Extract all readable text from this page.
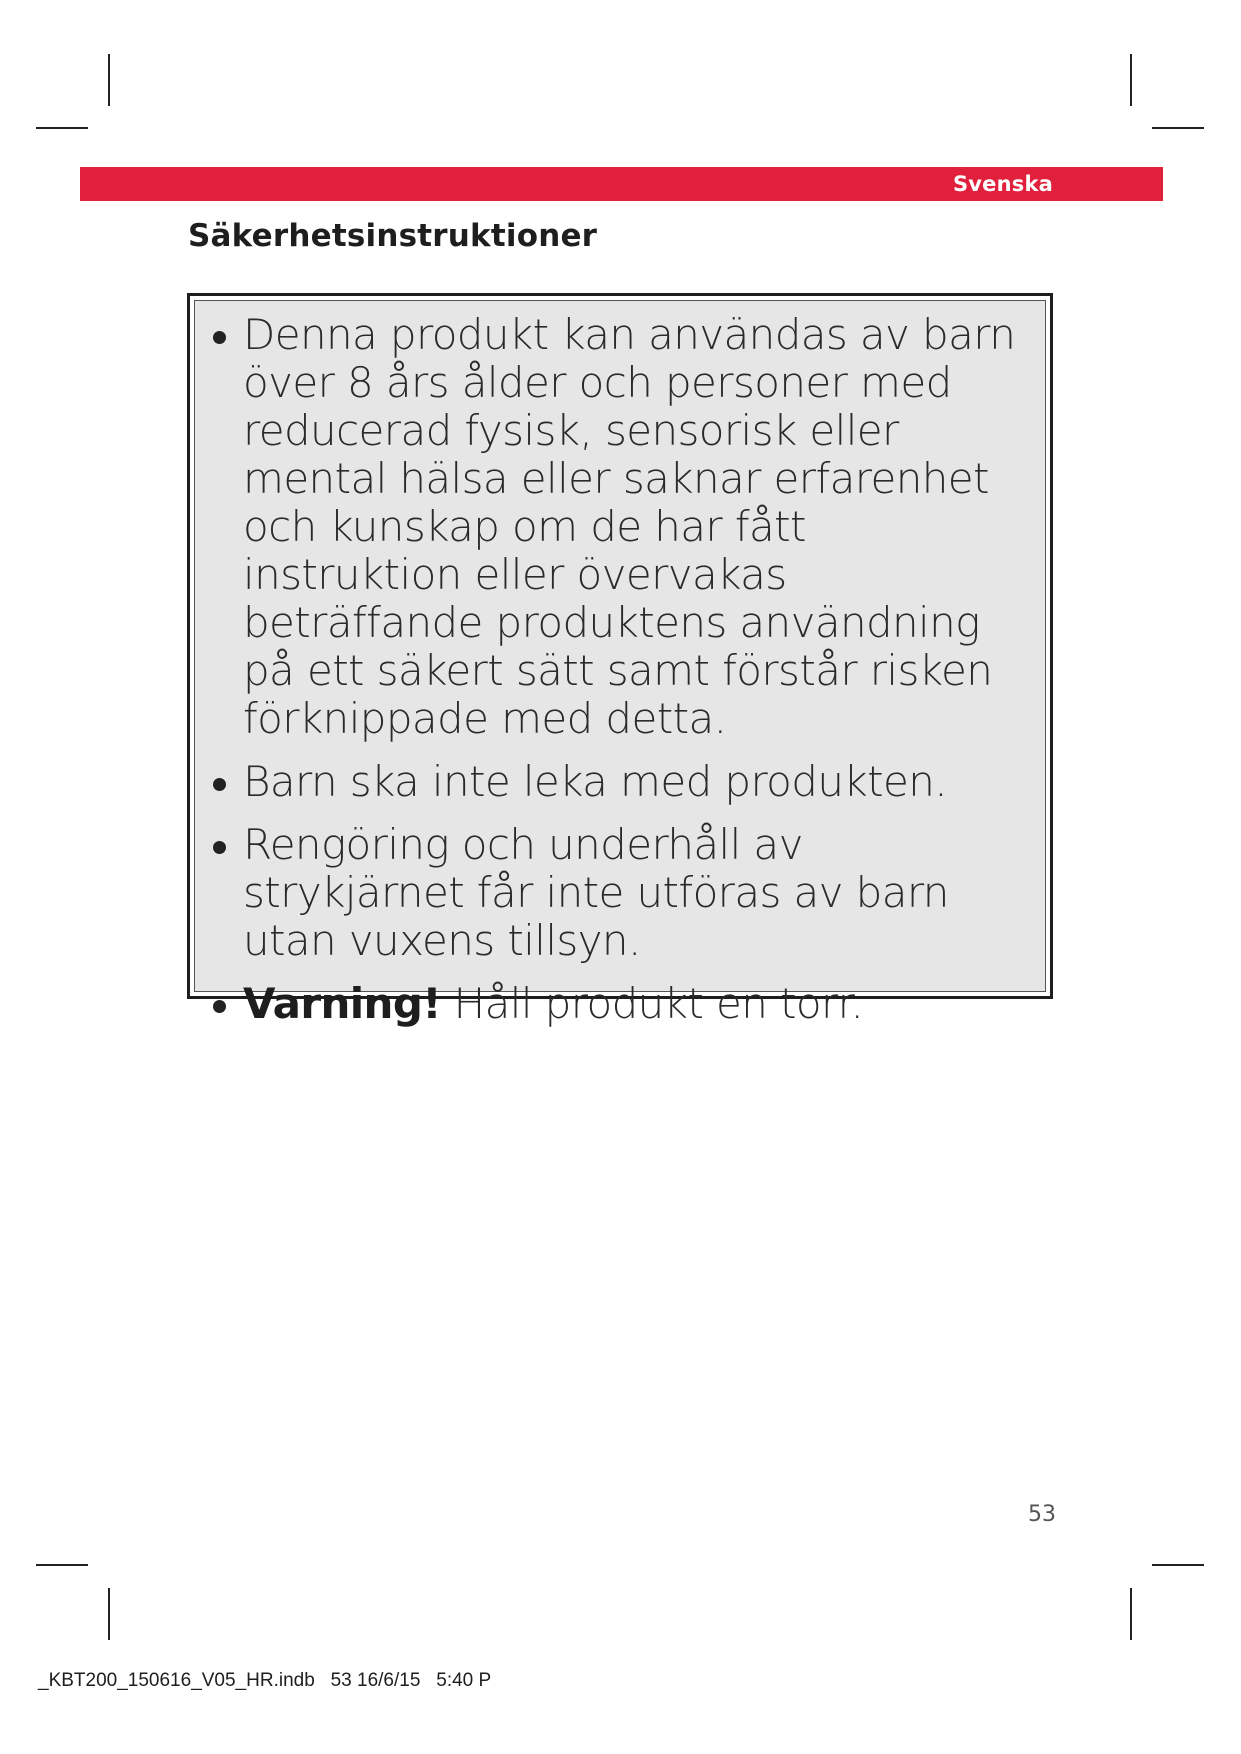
Svenska
Säkerhetsinstruktioner
Denna produkt kan användas av barn över 8 års ålder och personer med reducerad fysisk, sensorisk eller mental hälsa eller saknar erfarenhet och kunskap om de har fått instruktion eller övervakas beträffande produktens användning på ett säkert sätt samt förstår risken förknippade med detta.
Barn ska inte leka med produkten.
Rengöring och underhåll av strykjärnet får inte utföras av barn utan vuxens tillsyn.
Varning! Håll produkt en torr.
53
_KBT200_150616_V05_HR.indb   53 16/6/15   5:40 P
